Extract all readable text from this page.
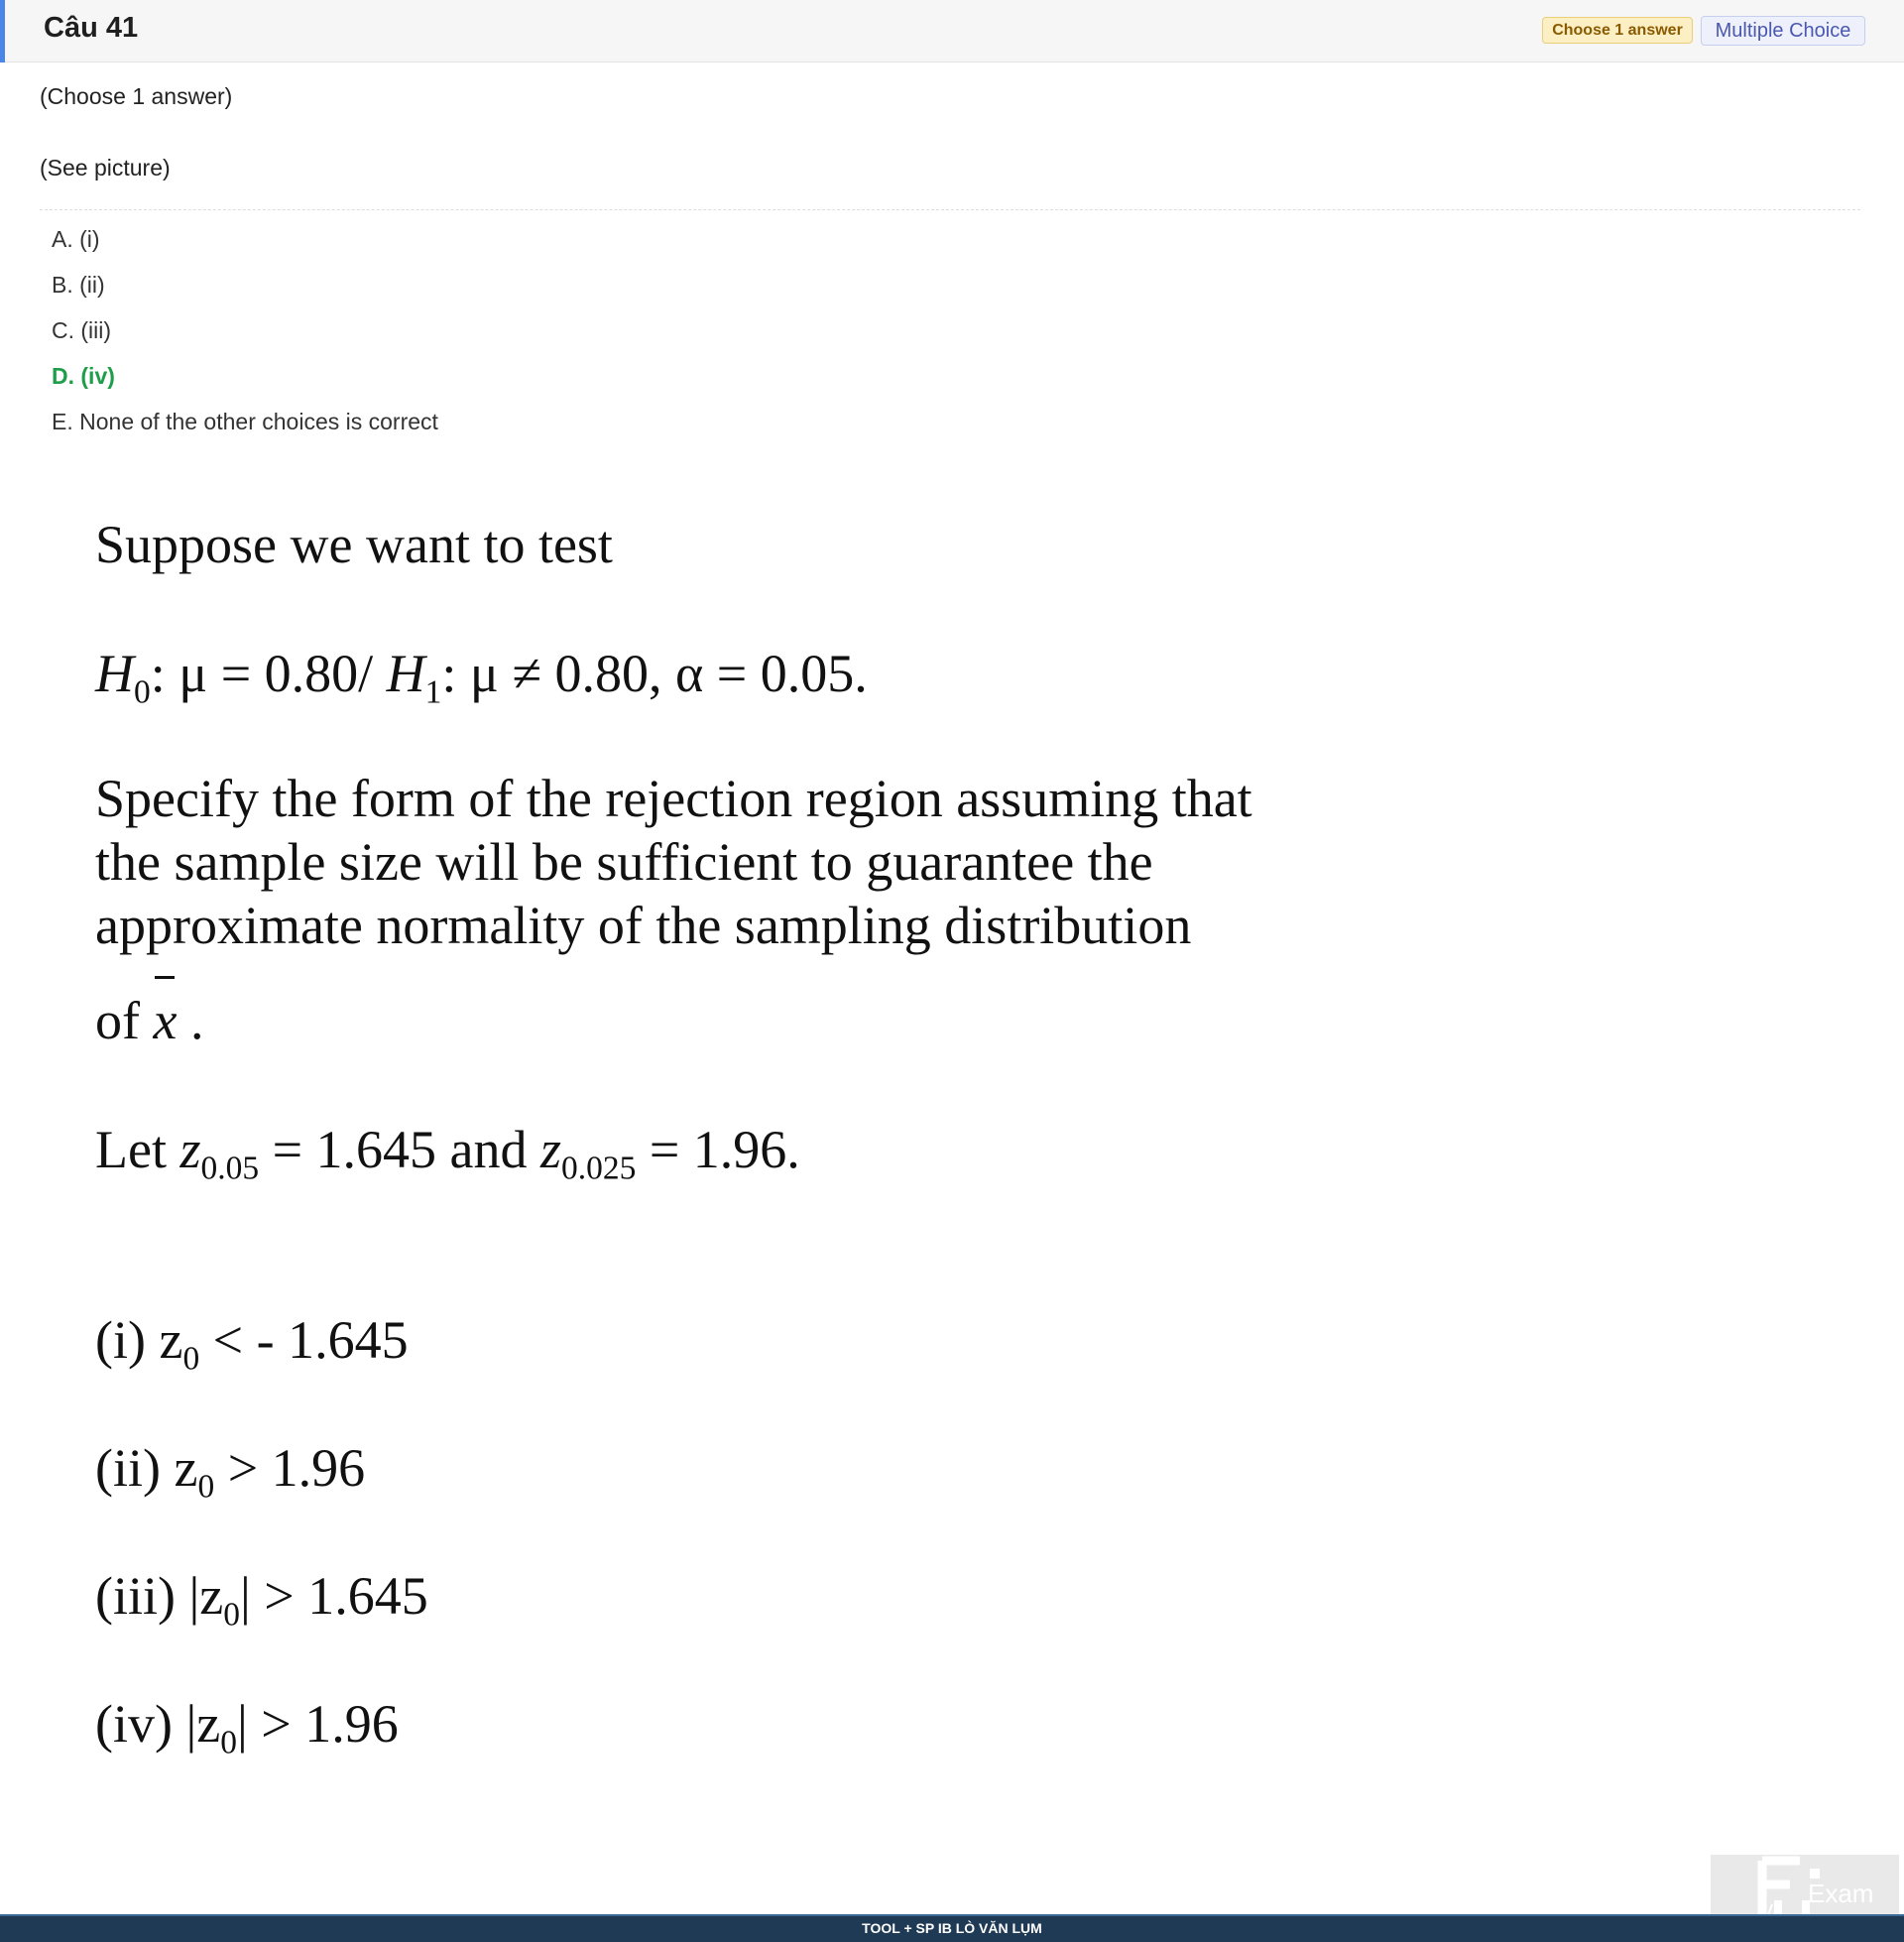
Câu 41	Choose 1 answer	Multiple Choice
(Choose 1 answer)
(See picture)
A. (i)
B. (ii)
C. (iii)
D. (iv)
E. None of the other choices is correct
Suppose we want to test
$H_0$: μ = 0.80/ $H_1$: μ ≠ 0.80, α = 0.05.
Specify the form of the rejection region assuming that
the sample size will be sufficient to guarantee the
approximate normality of the sampling distribution
of x .
Let $z_{0.05} = 1.645$ and $z_{0.025} = 1.96$.
(i) $z_0$ < - 1.645
(ii) $z_0 > 1.96$
(iii) $|z_0| > 1.645$
(iv) $|z_0| > 1.96$
Exam
TOOL + SP IB LÒ VĂN LỤM
